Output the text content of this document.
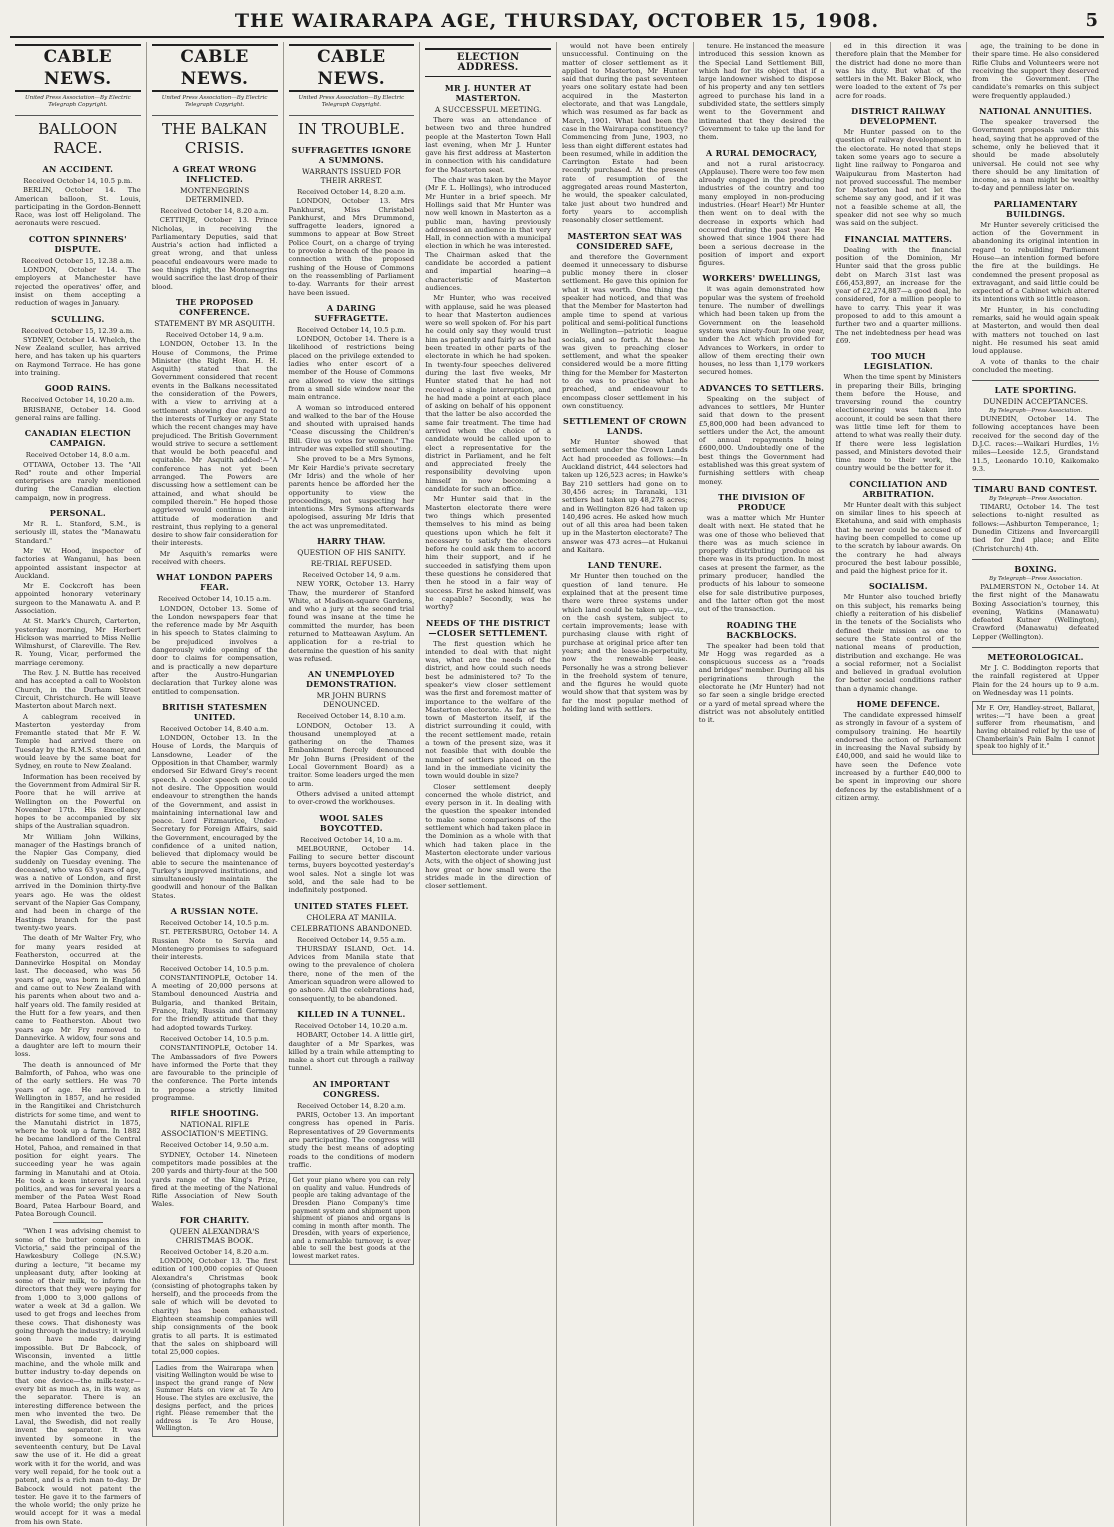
THE WAIRARAPA AGE, THURSDAY, OCTOBER 15, 1908.	5
CABLE NEWS.
United Press Association—By Electric Telegraph Copyright.
BALLOON RACE.
AN ACCIDENT.
Received October 14, 10.5 p.m.

BERLIN, October 14. The American balloon, St. Louis, participating in the Gordon-Bennett Race, was lost off Heligoland. The aeronauts were rescued.

COTTON SPINNERS' DISPUTE.
Received October 15, 12.38 a.m.

LONDON, October 14. The employers at Manchester have rejected the operatives' offer, and insist on them accepting a reduction of wages in January.

SCULLING.
Received October 15, 12.39 a.m.

SYDNEY, October 14. Whelch, the New Zealand sculler, has arrived here, and has taken up his quarters on Raymond Terrace. He has gone into training.

GOOD RAINS.
Received October 14, 10.20 a.m.

BRISBANE, October 14. Good general rains are falling.

CANADIAN ELECTION CAMPAIGN.
Received October 14, 8.0 a.m.

OTTAWA, October 13. The "All Red" route and other Imperial enterprises are rarely mentioned during the Canadian election campaign, now in progress.

PERSONAL.

Mr R. L. Stanford, S.M., is seriously ill, states the "Manawatu Standard."

Mr W. Hood, inspector of factories at Wanganui, has been appointed assistant inspector at Auckland.

Mr E. Cockcroft has been appointed honorary veterinary surgeon to the Manawatu A. and P. Association.

At St. Mark's Church, Carterton, yesterday morning, Mr Herbert Hickson was married to Miss Nellie Wilmshurst, of Clareville. The Rev. R. Young, Vicar, performed the marriage ceremony.

The Rev. J. N. Buttle has received and has accepted a call to Woolston Church, in the Durham Street Circuit, Christchurch. He will leave Masterton about March next.

A cablegram received in Masterton yesterday from Fremantle stated that Mr F. W. Temple had arrived there on Tuesday by the R.M.S. steamer, and would leave by the same boat for Sydney, en route to New Zealand.

Information has been received by the Government from Admiral Sir R. Poore that he will arrive at Wellington on the Powerful on November 17th. His Excellency hopes to be accompanied by six ships of the Australian squadron.

Mr William John Wilkins, manager of the Hastings branch of the Napier Gas Company, died suddenly on Tuesday evening. The deceased, who was 63 years of age, was a native of London, and first arrived in the Dominion thirty-five years ago. He was the oldest servant of the Napier Gas Company, and had been in charge of the Hastings branch for the past twenty-two years.

The death of Mr Walter Fry, who for many years resided at Featherston, occurred at the Dannevirke Hospital on Monday last. The deceased, who was 56 years of age, was born in England and came out to New Zealand with his parents when about two and a-half years old. The family resided at the Hutt for a few years, and then came to Featherston. About two years ago Mr Fry removed to Dannevirke. A widow, four sons and a daughter are left to mourn their loss.

The death is announced of Mr Balmforth, of Pahoa, who was one of the early settlers. He was 70 years of age. He arrived in Wellington in 1857, and he resided in the Rangitikei and Christchurch districts for some time, and went to the Manutahi district in 1875, where he took up a farm. In 1882 he became landlord of the Central Hotel, Pahoa, and remained in that position for eight years. The succeeding year he was again farming in Manutahi and at Otoia. He took a keen interest in local politics, and was for several years a member of the Patea West Road Board, Patea Harbour Board, and Patea Borough Council.

"When I was advising chemist to some of the butter companies in Victoria," said the principal of the Hawkesbury College (N.S.W.) during a lecture, "it became my unpleasant duty, after looking at some of their milk, to inform the directors that they were paying for from 1,000 to 3,000 gallons of water a week at 3d a gallon. We used to get frogs and leeches from these cows. That dishonesty was going through the industry; it would soon have made dairying impossible. But Dr Babcock, of Wisconsin, invented a little machine, and the whole milk and butter industry to-day depends on that one device—the milk-tester—every bit as much as, in its way, as the separator. There is an interesting difference between the men who invented the two. De Laval, the Swedish, did not really invent the separator. It was invented by someone in the seventeenth century, but De Laval saw the use of it. He did a great work with it for the world, and was very well repaid, for he took out a patent, and is a rich man to-day. Dr Babcock would not patent the tester. He gave it to the farmers of the whole world; the only prize he would accept for it was a medal from his own State.

CABLE NEWS.
United Press Association—By Electric Telegraph Copyright.
THE BALKAN CRISIS.
A GREAT WRONG INFLICTED.
MONTENEGRINS DETERMINED.
Received October 14, 8.20 a.m.

CETTINJE, October 13. Prince Nicholas, in receiving the Parliamentary Deputies, said that Austria's action had inflicted a great wrong, and that unless peaceful endeavours were made to see things right, the Montenegrins would sacrifice the last drop of their blood.

THE PROPOSED CONFERENCE.
STATEMENT BY MR ASQUITH.
Received October 14, 9 a.m.

LONDON, October 13. In the House of Commons, the Prime Minister (the Right Hon. H. H. Asquith) stated that the Government considered that recent events in the Balkans necessitated the consideration of the Powers, with a view to arriving at a settlement showing due regard to the interests of Turkey or any State which the recent changes may have prejudiced. The British Government would strive to secure a settlement that would be both peaceful and equitable. Mr Asquith added:—"A conference has not yet been arranged. The Powers are discussing how a settlement can be attained, and what should be compiled therein." He hoped those aggrieved would continue in their attitude of moderation and restraint, thus replying to a general desire to show fair consideration for their interests.

Mr Asquith's remarks were received with cheers.

WHAT LONDON PAPERS FEAR.
Received October 14, 10.15 a.m.

LONDON, October 13. Some of the London newspapers fear that the reference made by Mr Asquith in his speech to States claiming to be prejudiced involves a dangerously wide opening of the door to claims for compensation, and is practically a new departure after the Austro-Hungarian declaration that Turkey alone was entitled to compensation.

BRITISH STATESMEN UNITED.
Received October 14, 8.40 a.m.

LONDON, October 13. In the House of Lords, the Marquis of Lansdowne, Leader of the Opposition in that Chamber, warmly endorsed Sir Edward Grey's recent speech. A cooler speech one could not desire. The Opposition would endeavour to strengthen the hands of the Government, and assist in maintaining international law and peace. Lord Fitzmaurice, Under-Secretary for Foreign Affairs, said the Government, encouraged by the confidence of a united nation, believed that diplomacy would be able to secure the maintenance of Turkey's improved institutions, and simultaneously maintain the goodwill and honour of the Balkan States.

A RUSSIAN NOTE.
Received October 14, 10.5 p.m.

ST. PETERSBURG, October 14. A Russian Note to Servia and Montenegro promises to safeguard their interests.

Received October 14, 10.5 p.m.

CONSTANTINOPLE, October 14. A meeting of 20,000 persons at Stamboul denounced Austria and Bulgaria, and thanked Britain, France, Italy, Russia and Germany for the friendly attitude that they had adopted towards Turkey.

Received October 14, 10.5 p.m.

CONSTANTINOPLE, October 14. The Ambassadors of five Powers have informed the Porte that they are favourable to the principle of the conference. The Porte intends to propose a strictly limited programme.

RIFLE SHOOTING.
NATIONAL RIFLE ASSOCIATION'S MEETING.
Received October 14, 9.50 a.m.

SYDNEY, October 14. Nineteen competitors made possibles at the 200 yards and thirty-four at the 500 yards range of the King's Prize, fired at the meeting of the National Rifle Association of New South Wales.

FOR CHARITY.
QUEEN ALEXANDRA'S CHRISTMAS BOOK.
Received October 14, 8.20 a.m.

LONDON, October 13. The first edition of 100,000 copies of Queen Alexandra's Christmas book (consisting of photographs taken by herself), and the proceeds from the sale of which will be devoted to charity) has been exhausted. Eighteen steamship companies will ship consignments of the book gratis to all parts. It is estimated that the sales on shipboard will total 25,000 copies.

Ladies from the Wairarapa when visiting Wellington would be wise to inspect the grand range of New Summer Hats on view at Te Aro House. The styles are exclusive, the designs perfect, and the prices right. Please remember that the address is Te Aro House, Wellington.
CABLE NEWS.
United Press Association—By Electric Telegraph Copyright.
IN TROUBLE.
SUFFRAGETTES IGNORE A SUMMONS.
WARRANTS ISSUED FOR THEIR ARREST.
Received October 14, 8.20 a.m.

LONDON, October 13. Mrs Pankhurst, Miss Christabel Pankhurst, and Mrs Drummond, suffragette leaders, ignored a summons to appear at Bow Street Police Court, on a charge of trying to provoke a breach of the peace in connection with the proposed rushing of the House of Commons on the reassembling of Parliament to-day. Warrants for their arrest have been issued.

A DARING SUFFRAGETTE.
Received October 14, 10.5 p.m.

LONDON, October 14. There is a likelihood of restrictions being placed on the privilege extended to ladies who enter escort of a member of the House of Commons are allowed to view the sittings from a small side window near the main entrance.

A woman so introduced entered and walked to the bar of the House and shouted with upraised hands "Cease discussing the Children's Bill. Give us votes for women." The intruder was expelled still shouting.

She proved to be a Mrs Symons, Mr Keir Hardie's private secretary (Mr Idris) and the whole of her parents hence be afforded her the opportunity to view the proceedings, not suspecting her intentions. Mrs Symons afterwards apologised, assuring Mr Idris that the act was unpremeditated.

HARRY THAW.
QUESTION OF HIS SANITY.
RE-TRIAL REFUSED.
Received October 14, 9 a.m.

NEW YORK, October 13. Harry Thaw, the murderer of Stanford White, at Madison-square Gardens, and who a jury at the second trial found was insane at the time he committed the murder, has been returned to Matteawan Asylum. An application for a re-trial to determine the question of his sanity was refused.

AN UNEMPLOYED DEMONSTRATION.
MR JOHN BURNS DENOUNCED.
Received October 14, 8.10 a.m.

LONDON, October 13. A thousand unemployed at a gathering on the Thames Embankment fiercely denounced Mr John Burns (President of the Local Government Board) as a traitor. Some leaders urged the men to arm.

Others advised a united attempt to over-crowd the workhouses.

WOOL SALES BOYCOTTED.
Received October 14, 10 a.m.

MELBOURNE, October 14. Failing to secure better discount terms, buyers boycotted yesterday's wool sales. Not a single lot was sold, and the sale had to be indefinitely postponed.

UNITED STATES FLEET.
CHOLERA AT MANILA.
CELEBRATIONS ABANDONED.
Received October 14, 9.55 a.m.

THURSDAY ISLAND, Oct. 14. Advices from Manila state that owing to the prevalence of cholera there, none of the men of the American squadron were allowed to go ashore. All the celebrations had, consequently, to be abandoned.

KILLED IN A TUNNEL.
Received October 14, 10.20 a.m.

HOBART, October 14. A little girl, daughter of a Mr Sparkes, was killed by a train while attempting to make a short cut through a railway tunnel.

AN IMPORTANT CONGRESS.
Received October 14, 8.20 a.m.

PARIS, October 13. An important congress has opened in Paris. Representatives of 29 Governments are participating. The congress will study the best means of adopting roads to the conditions of modern traffic.

Get your piano where you can rely on quality and value. Hundreds of people are taking advantage of the Dresden Piano Company's time payment system and shipment upon shipment of pianos and organs is coming in month after month. The Dresden, with years of experience, and a remarkable turnover, is ever able to sell the best goods at the lowest market rates.
ELECTION ADDRESS.
MR J. HUNTER AT MASTERTON.
A SUCCESSFUL MEETING.

There was an attendance of between two and three hundred people at the Masterton Town Hall last evening, when Mr J. Hunter gave his first address at Masterton in connection with his candidature for the Masterton seat.

The chair was taken by the Mayor (Mr F. L. Hollings), who introduced Mr Hunter in a brief speech. Mr Hollings said that Mr Hunter was now well known in Masterton as a public man, having previously addressed an audience in that very Hall, in connection with a municipal election in which he was interested. The Chairman asked that the candidate be accorded a patient and impartial hearing—a characteristic of Masterton audiences.

Mr Hunter, who was received with applause, said he was pleased to hear that Masterton audiences were so well spoken of. For his part he could only say they would trust him as patiently and fairly as he had been treated in other parts of the electorate in which he had spoken. In twenty-four speeches delivered during the last five weeks, Mr Hunter stated that he had not received a single interruption, and he had made a point at each place of asking on behalf of his opponent that the latter be also accorded the same fair treatment. The time had arrived when the choice of a candidate would be called upon to elect a representative for the district in Parliament, and he felt and appreciated freely the responsibility devolving upon himself in now becoming a candidate for such an office.

Mr Hunter said that in the Masterton electorate there were two things which presented themselves to his mind as being questions upon which he felt it necessary to satisfy the electors before he could ask them to accord him their support, and if he succeeded in satisfying them upon these questions he considered that then he stood in a fair way of success. First he asked himself, was he capable? Secondly, was he worthy?

NEEDS OF THE DISTRICT—CLOSER SETTLEMENT.

The first question which he intended to deal with that night was, what are the needs of the district, and how could such needs best be administered to? To the speaker's view closer settlement was the first and foremost matter of importance to the welfare of the Masterton electorate. As far as the town of Masterton itself, if the district surrounding it could, with the recent settlement made, retain a town of the present size, was it not feasible that with double the number of settlers placed on the land in the immediate vicinity the town would double in size?

Closer settlement deeply concerned the whole district, and every person in it. In dealing with the question the speaker intended to make some comparisons of the settlement which had taken place in the Dominion as a whole with that which had taken place in the Masterton electorate under various Acts, with the object of showing just how great or how small were the strides made in the direction of closer settlement.

would not have been entirely unsuccessful. Continuing on the matter of closer settlement as it applied to Masterton, Mr Hunter said that during the past seventeen years one solitary estate had been acquired in the Masterton electorate, and that was Langdale, which was resumed as far back as March, 1901. What had been the case in the Wairarapa constituency? Commencing from June, 1903, no less than eight different estates had been resumed, while in addition the Carrington Estate had been recently purchased. At the present rate of resumption of the aggregated areas round Masterton, he would, the speaker calculated, take just about two hundred and forty years to accomplish reasonably closer settlement.

MASTERTON SEAT WAS CONSIDERED SAFE,

and therefore the Government deemed it unnecessary to disburse public money there in closer settlement. He gave this opinion for what it was worth. One thing the speaker had noticed, and that was that the Member for Masterton had ample time to spend at various political and semi-political functions in Wellington—patriotic league socials, and so forth. At these he was given to preaching closer settlement, and what the speaker considered would be a more fitting thing for the Member for Masterton to do was to practise what he preached, and endeavour to encompass closer settlement in his own constituency.

SETTLEMENT OF CROWN LANDS.

Mr Hunter showed that settlement under the Crown Lands Act had proceeded as follows:—In Auckland district, 444 selectors had taken up 126,523 acres; in Hawke's Bay 210 settlers had gone on to 30,456 acres; in Taranaki, 131 settlers had taken up 48,278 acres; and in Wellington 826 had taken up 140,496 acres. He asked how much out of all this area had been taken up in the Masterton electorate? The answer was 473 acres—at Hukanui and Kaitara.

LAND TENURE.

Mr Hunter then touched on the question of land tenure. He explained that at the present time there were three systems under which land could be taken up—viz., on the cash system, subject to certain improvements; lease with purchasing clause with right of purchase at original price after ten years; and the lease-in-perpetuity, now the renewable lease. Personally he was a strong believer in the freehold system of tenure, and the figures he would quote would show that that system was by far the most popular method of holding land with settlers.

tenure. He instanced the measure introduced this session known as the Special Land Settlement Bill, which had for its object that if a large landowner wished to dispose of his property and any ten settlers agreed to purchase his land in a subdivided state, the settlers simply went to the Government and intimated that they desired the Government to take up the land for them.

A RURAL DEMOCRACY,

and not a rural aristocracy. (Applause). There were too few men already engaged in the producing industries of the country and too many employed in non-producing industries. (Hear! Hear!) Mr Hunter then went on to deal with the decrease in exports which had occurred during the past year. He showed that since 1904 there had been a serious decrease in the position of import and export figures.

WORKERS' DWELLINGS,

it was again demonstrated how popular was the system of freehold tenure. The number of dwellings which had been taken up from the Government on the leasehold system was ninety-four. In one year, under the Act which provided for Advances to Workers, in order to allow of them erecting their own houses, no less than 1,179 workers secured homes.

ADVANCES TO SETTLERS.

Speaking on the subject of advances to settlers, Mr Hunter said that down to the present £5,800,000 had been advanced to settlers under the Act, the amount of annual repayments being £600,000. Undoubtedly one of the best things the Government had established was this great system of furnishing settlers with cheap money.

THE DIVISION OF PRODUCE

was a matter which Mr Hunter dealt with next. He stated that he was one of those who believed that there was as much science in properly distributing produce as there was in its production. In most cases at present the farmer, as the primary producer, handled the products of his labour to someone else for sale distributive purposes, and the latter often got the most out of the transaction.

ROADING THE BACKBLOCKS.

The speaker had been told that Mr Hogg was regarded as a conspicuous success as a "roads and bridges" member. During all his perigrinations through the electorate he (Mr Hunter) had not so far seen a single bridge erected or a yard of metal spread where the district was not absolutely entitled to it.

ed in this direction it was therefore plain that the Member for the district had done no more than was his duty. But what of the settlers in the Mt. Baker Block, who were loaded to the extent of 7s per acre for roads.

DISTRICT RAILWAY DEVELOPMENT.

Mr Hunter passed on to the question of railway development in the electorate. He noted that steps taken some years ago to secure a light line railway to Pongaroa and Waipukurau from Masterton had not proved successful. The member for Masterton had not let the scheme say any good, and if it was not a feasible scheme at all, the speaker did not see why so much was said on the subject.

FINANCIAL MATTERS.

Dealing with the financial position of the Dominion, Mr Hunter said that the gross public debt on March 31st last was £66,453,897, an increase for the year of £2,274,887—a good deal, he considered, for a million people to have to carry. This year it was proposed to add to this amount a further two and a quarter millions. The net indebtedness per head was £69.

TOO MUCH LEGISLATION.

When the time spent by Ministers in preparing their Bills, bringing them before the House, and traversing round the country electioneering was taken into account, it could be seen that there was little time left for them to attend to what was really their duty. If there were less legislation passed, and Ministers devoted their time more to their work, the country would be the better for it.

CONCILIATION AND ARBITRATION.

Mr Hunter dealt with this subject on similar lines to his speech at Eketahuna, and said with emphasis that he never could be accused of having been compelled to come up to the scratch by labour awards. On the contrary he had always procured the best labour possible, and paid the highest price for it.

SOCIALISM.

Mr Hunter also touched briefly on this subject, his remarks being chiefly a reiteration of his disbelief in the tenets of the Socialists who defined their mission as one to secure the State control of the national means of production, distribution and exchange. He was a social reformer, not a Socialist and believed in gradual evolution for better social conditions rather than a dynamic change.

HOME DEFENCE.

The candidate expressed himself as strongly in favour of a system of compulsory training. He heartily endorsed the action of Parliament in increasing the Naval subsidy by £40,000, and said he would like to have seen the Defence vote increased by a further £40,000 to be spent in improving our shore defences by the establishment of a citizen army.

age, the training to be done in their spare time. He also considered Rifle Clubs and Volunteers were not receiving the support they deserved from the Government. (The candidate's remarks on this subject were frequently applauded.)

NATIONAL ANNUITIES.

The speaker traversed the Government proposals under this head, saying that he approved of the scheme, only he believed that it should be made absolutely universal. He could not see why there should be any limitation of income, as a man might be wealthy to-day and penniless later on.

PARLIAMENTARY BUILDINGS.

Mr Hunter severely criticised the action of the Government in abandoning its original intention in regard to rebuilding Parliament House—an intention formed before the fire at the buildings. He condemned the present proposal as extravagant, and said little could be expected of a Cabinet which altered its intentions with so little reason.

Mr Hunter, in his concluding remarks, said he would again speak at Masterton, and would then deal with matters not touched on last night. He resumed his seat amid loud applause.

A vote of thanks to the chair concluded the meeting.

LATE SPORTING.
DUNEDIN ACCEPTANCES.
By Telegraph—Press Association.

DUNEDIN, October 14. The following acceptances have been received for the second day of the D.J.C. races:—Waikari Hurdles, 1½ miles—Leeside 12.5, Grandstand 11.5, Leonardo 10.10, Kaikomako 9.3.

TIMARU BAND CONTEST.
By Telegraph—Press Association.

TIMARU, October 14. The test selections to-night resulted as follows:—Ashburton Temperance, 1; Dunedin Citizens and Invercargill tied for 2nd place; and Elite (Christchurch) 4th.

BOXING.
By Telegraph—Press Association.

PALMERSTON N., October 14. At the first night of the Manawatu Boxing Association's tourney, this evening, Watkins (Manawatu) defeated Kutner (Wellington), Crawford (Manawatu) defeated Lepper (Wellington).

METEOROLOGICAL.

Mr J. C. Boddington reports that the rainfall registered at Upper Plain for the 24 hours up to 9 a.m. on Wednesday was 11 points.

Mr F. Orr, Handley-street, Ballarat, writes:—"I have been a great sufferer from rheumatism, and having obtained relief by the use of Chamberlain's Pain Balm I cannot speak too highly of it."
